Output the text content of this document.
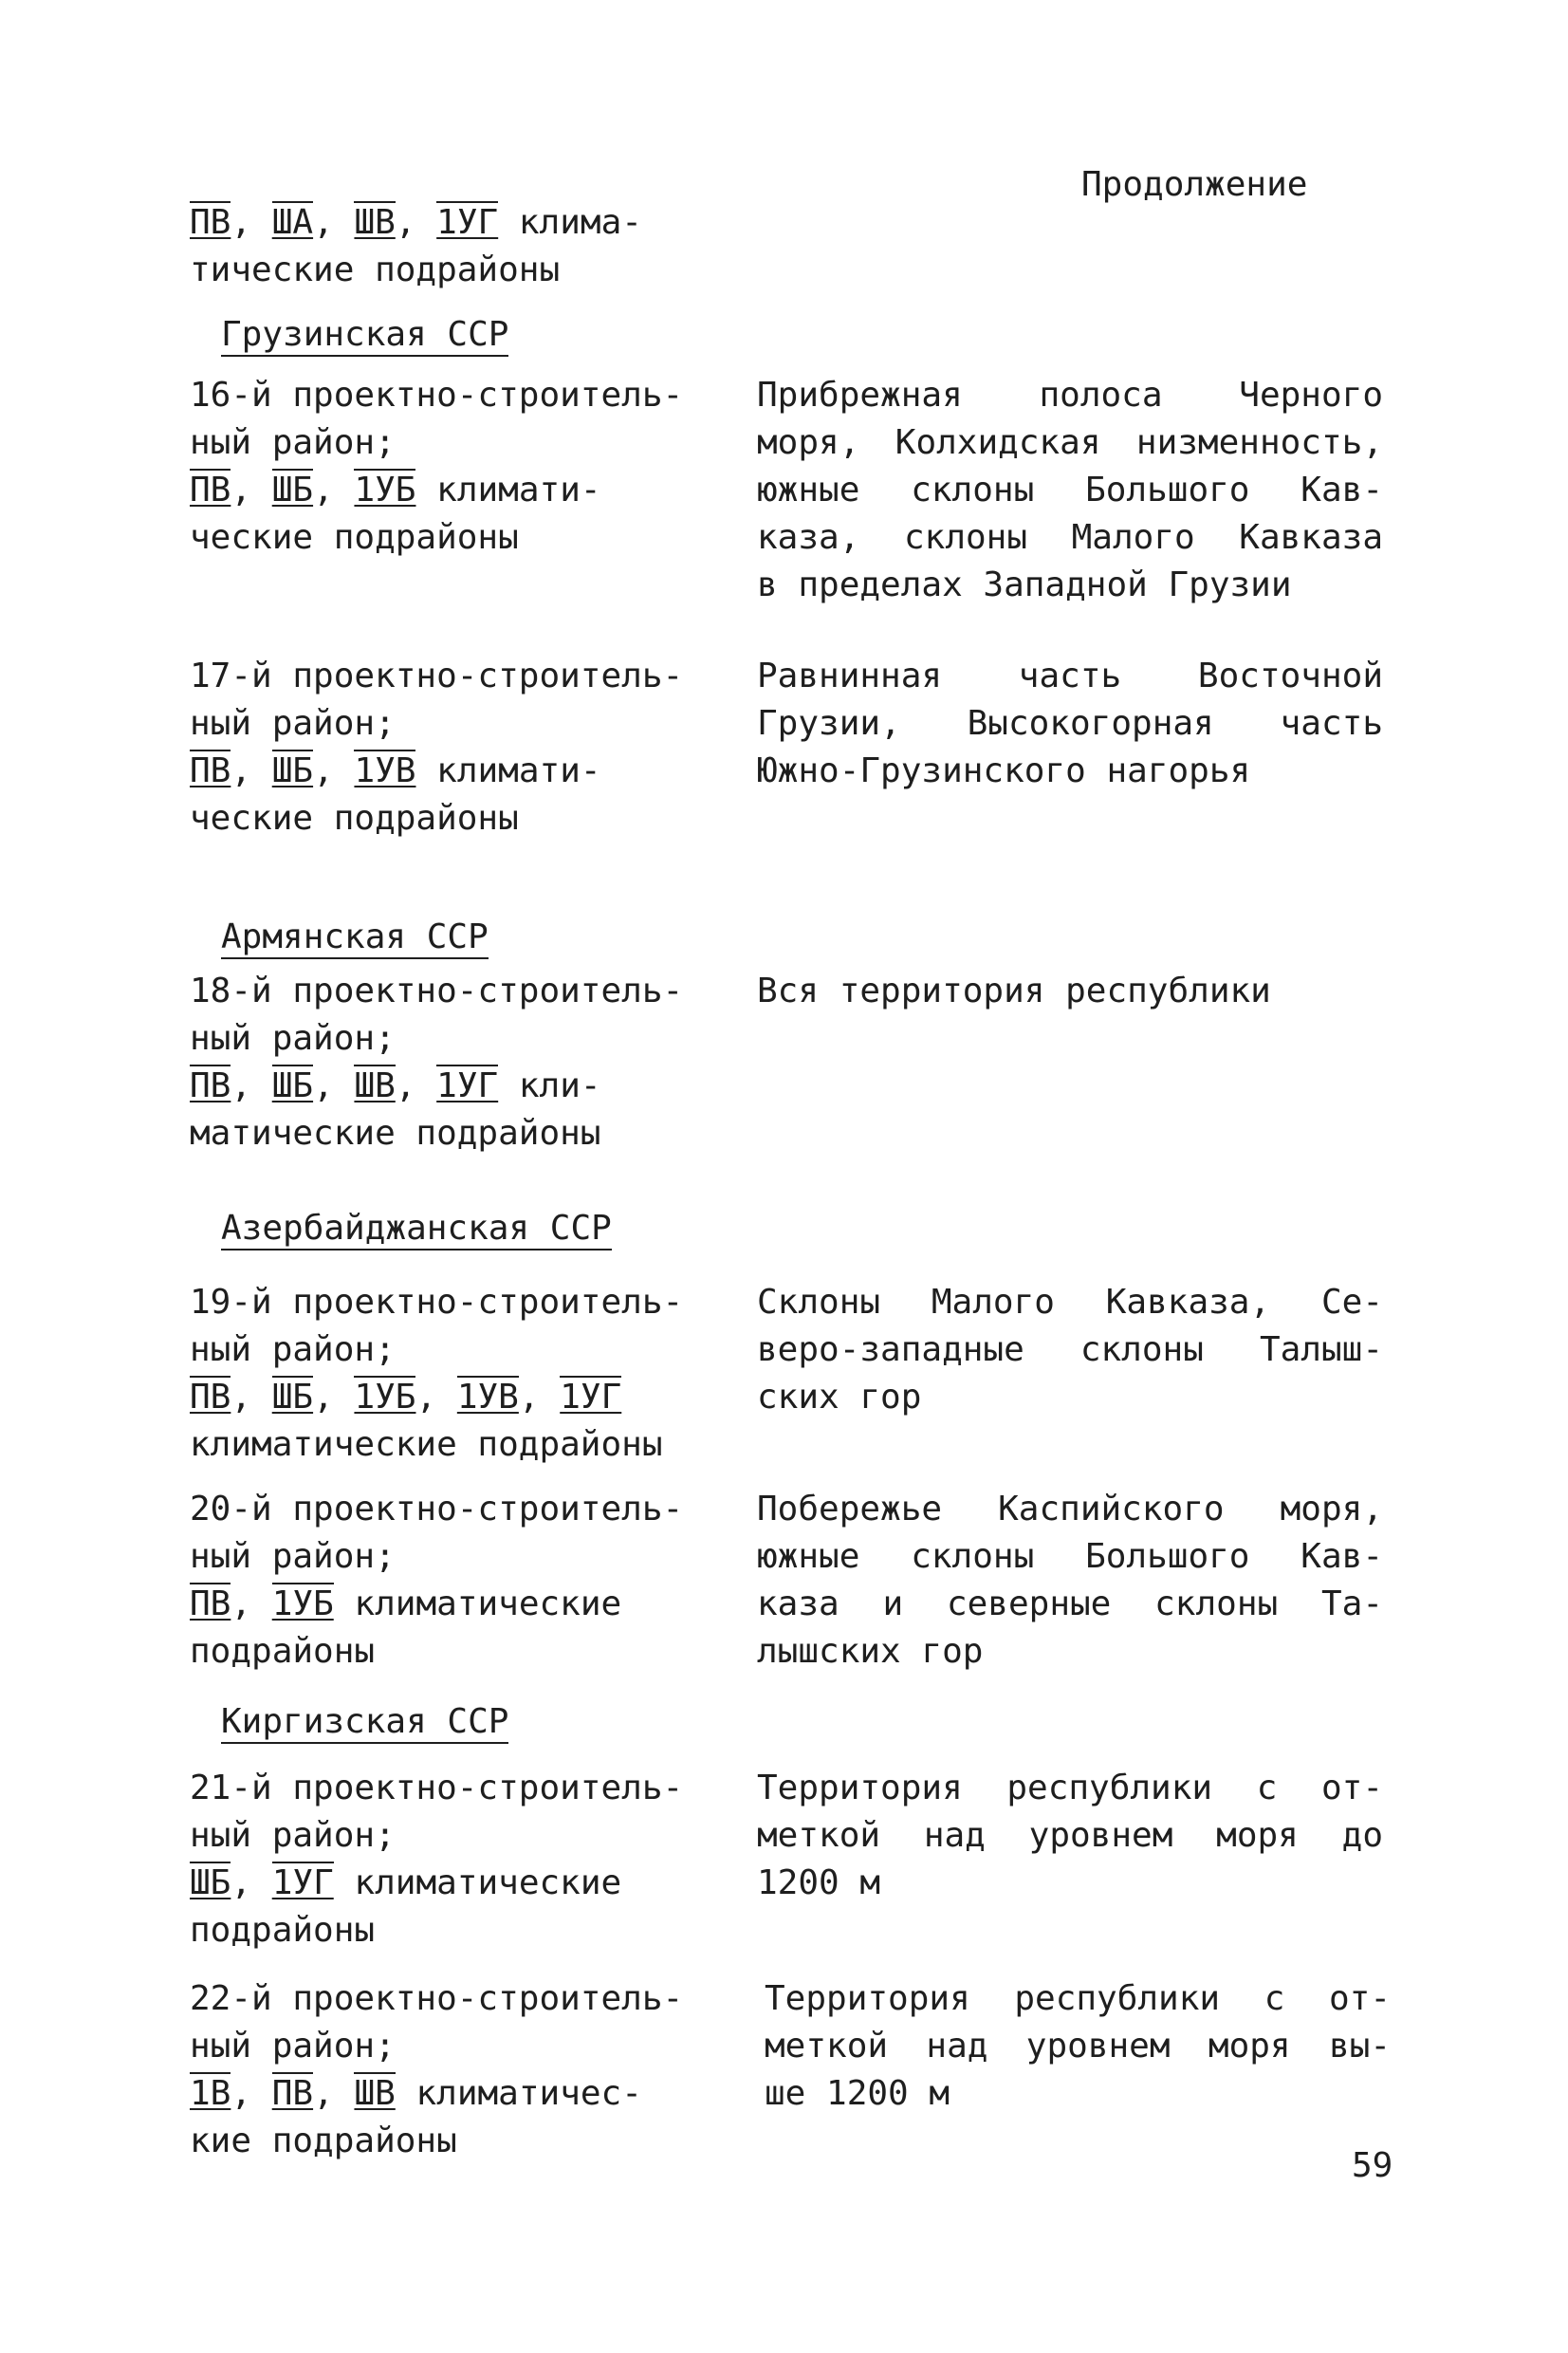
Продолжение
ПВ, ША, ШВ, 1УГ клима-
тические подрайоны
Грузинская ССР
16-й проектно-строитель-
ный район;
ПВ, ШБ, 1УБ климати-
ческие подрайоны
Прибрежная полоса Черного
моря, Колхидская низменность,
южные склоны Большого Кав-
каза, склоны Малого Кавказа
в пределах Западной Грузии
17-й проектно-строитель-
ный район;
ПВ, ШБ, 1УВ климати-
ческие подрайоны
Равнинная часть Восточной
Грузии, Высокогорная часть
Южно-Грузинского нагорья
Армянская ССР
18-й проектно-строитель-
ный район;
ПВ, ШБ, ШВ, 1УГ кли-
матические подрайоны
Вся территория республики
Азербайджанская ССР
19-й проектно-строитель-
ный район;
ПВ, ШБ, 1УБ, 1УВ, 1УГ
климатические подрайоны
Склоны Малого Кавказа, Се-
веро-западные склоны Талыш-
ских гор
20-й проектно-строитель-
ный район;
ПВ, 1УБ климатические
подрайоны
Побережье Каспийского моря,
южные склоны Большого Кав-
каза и северные склоны Та-
лышских гор
Киргизская ССР
21-й проектно-строитель-
ный район;
ШБ, 1УГ климатические
подрайоны
Территория республики с от-
меткой над уровнем моря до
1200 м
22-й проектно-строитель-
ный район;
1В, ПВ, ШВ климатичес-
кие подрайоны
Территория республики с от-
меткой над уровнем моря вы-
ше 1200 м
59
